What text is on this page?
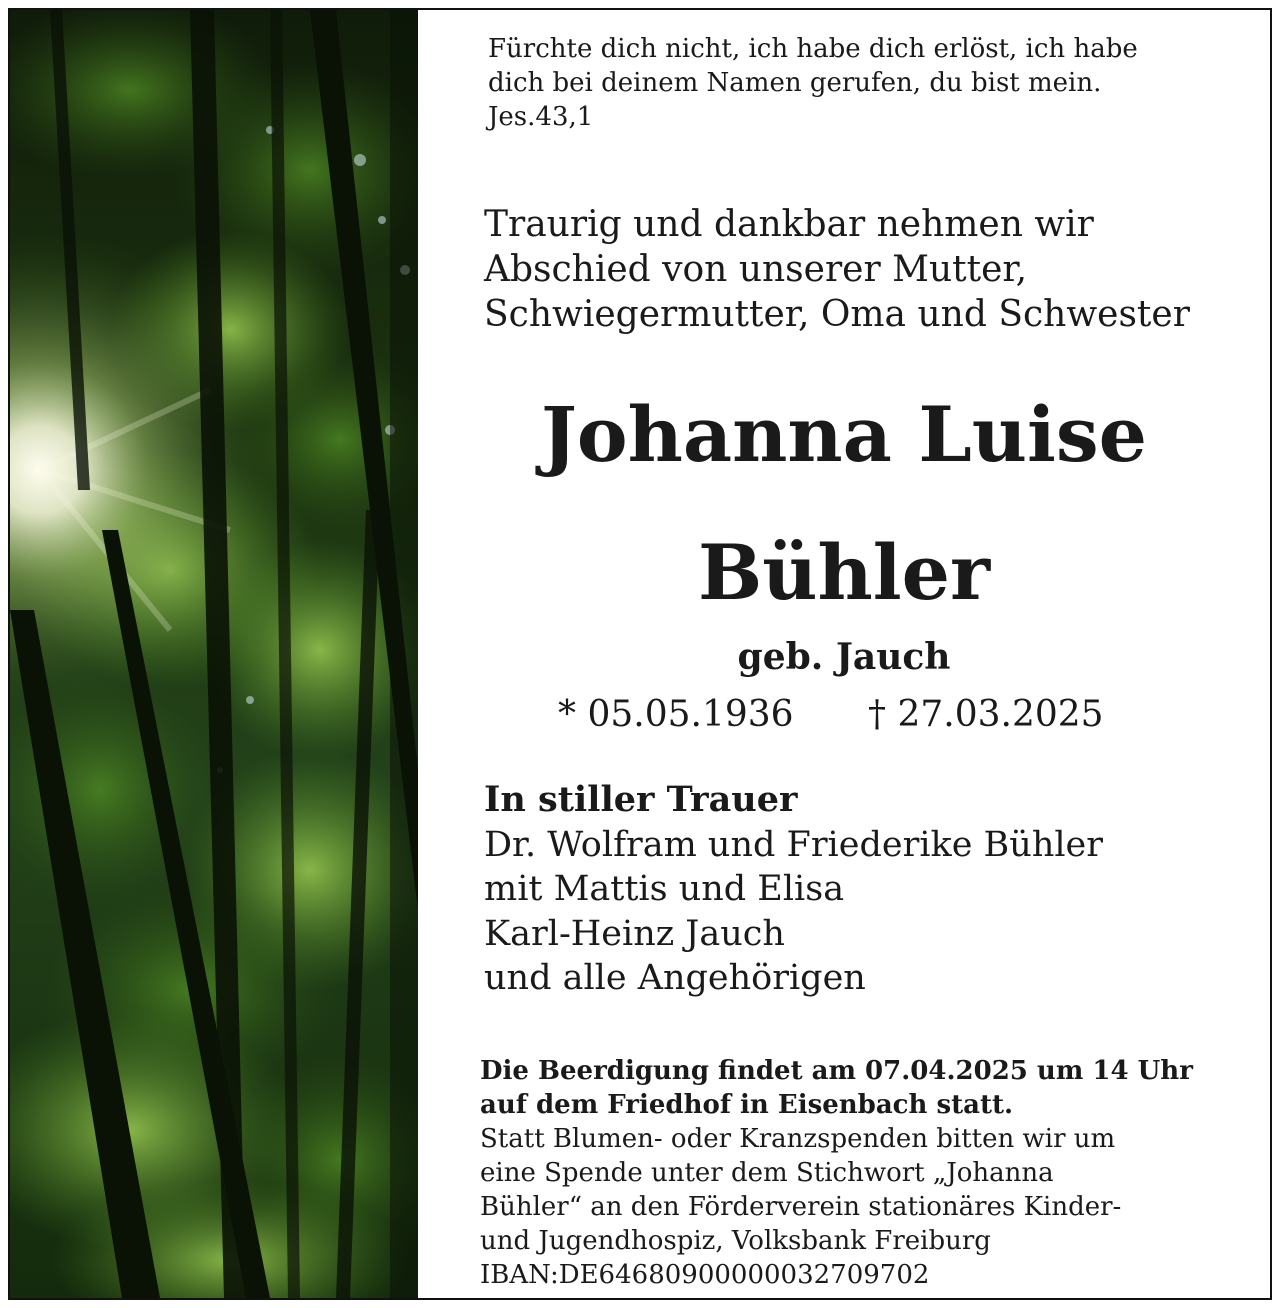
Fürchte dich nicht, ich habe dich erlöst, ich habe
dich bei deinem Namen gerufen, du bist mein.
Jes.43,1
Traurig und dankbar nehmen wir
Abschied von unserer Mutter,
Schwiegermutter, Oma und Schwester
Johanna Luise
Bühler
geb. Jauch
* 05.05.1936 † 27.03.2025
In stiller Trauer
Dr. Wolfram und Friederike Bühler
mit Mattis und Elisa
Karl-Heinz Jauch
und alle Angehörigen
Die Beerdigung findet am 07.04.2025 um 14 Uhr
auf dem Friedhof in Eisenbach statt.
Statt Blumen- oder Kranzspenden bitten wir um
eine Spende unter dem Stichwort „Johanna
Bühler“ an den Förderverein stationäres Kinder-
und Jugendhospiz, Volksbank Freiburg
IBAN:DE64680900000032709702
